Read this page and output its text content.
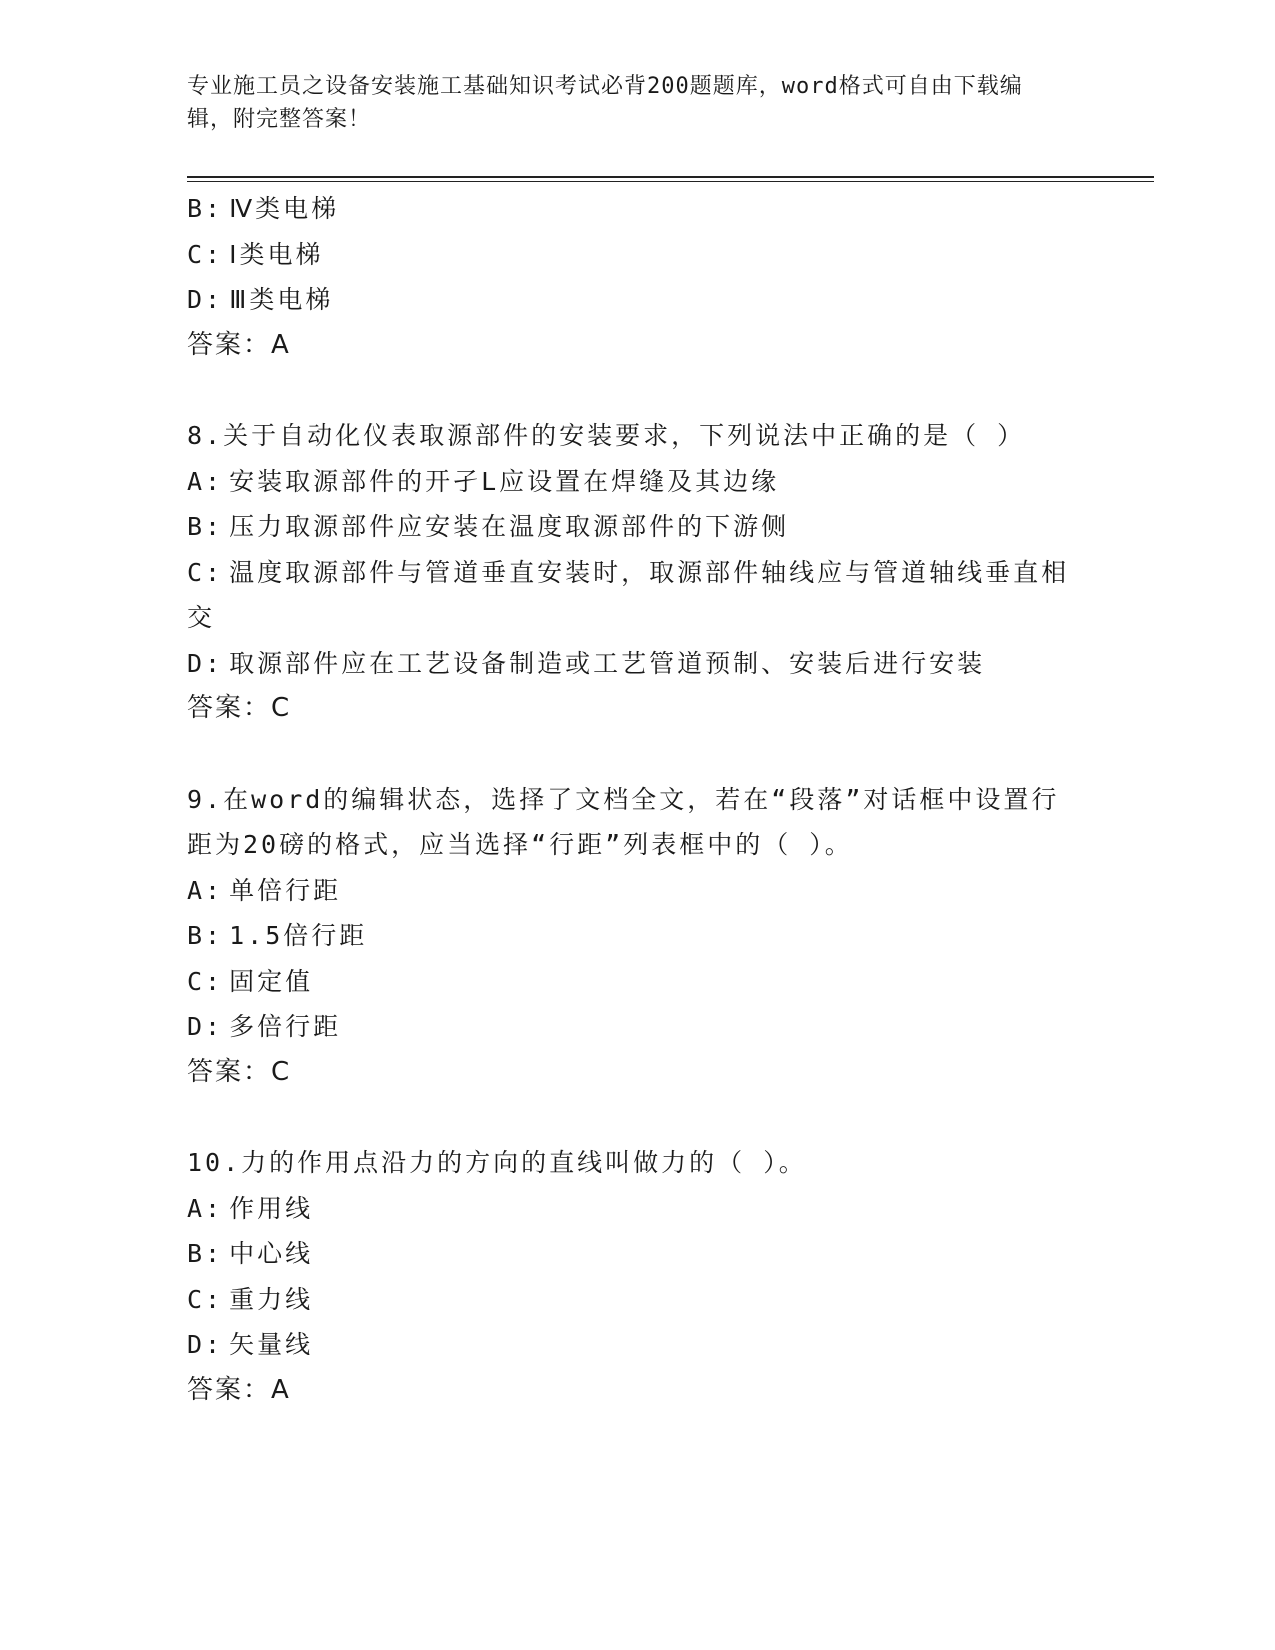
专业施工员之设备安装施工基础知识考试必背200题题库，word格式可自由下载编辑，附完整答案！
B: Ⅳ类电梯
C: Ⅰ类电梯
D: Ⅲ类电梯
答案：A
8.关于自动化仪表取源部件的安装要求，下列说法中正确的是（ ）
A: 安装取源部件的开孑L应设置在焊缝及其边缘
B: 压力取源部件应安装在温度取源部件的下游侧
C: 温度取源部件与管道垂直安装时，取源部件轴线应与管道轴线垂直相交
D: 取源部件应在工艺设备制造或工艺管道预制、安装后进行安装
答案：C
9.在word的编辑状态，选择了文档全文，若在“段落”对话框中设置行距为20磅的格式，应当选择“行距”列表框中的（ ）。
A: 单倍行距
B: 1.5倍行距
C: 固定值
D: 多倍行距
答案：C
10.力的作用点沿力的方向的直线叫做力的（ ）。
A: 作用线
B: 中心线
C: 重力线
D: 矢量线
答案：A
